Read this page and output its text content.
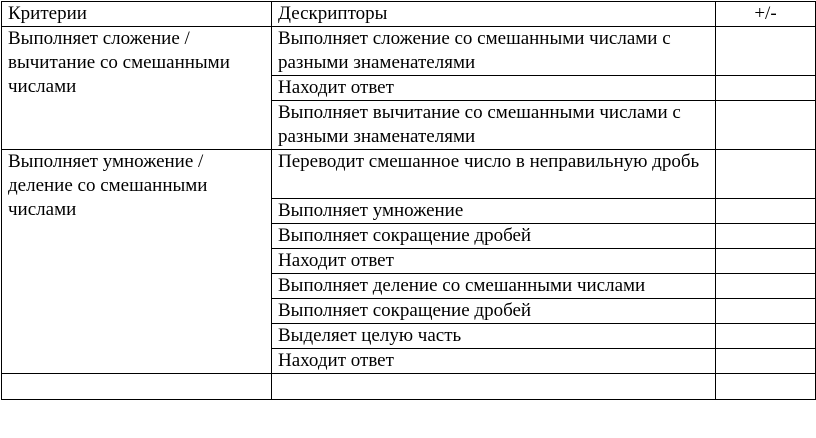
Критерии	Дескрипторы	+/-
Выполняет сложение / вычитание со смешанными числами	Выполняет сложение со смешанными числами с разными знаменателями	
	Находит ответ	
	Выполняет вычитание со смешанными числами с разными знаменателями	
Выполняет умножение / деление со смешанными числами	Переводит смешанное число в неправильную дробь	
	Выполняет умножение	
	Выполняет сокращение дробей	
	Находит ответ	
	Выполняет деление со смешанными числами	
	Выполняет сокращение дробей	
	Выделяет целую часть	
	Находит ответ	
